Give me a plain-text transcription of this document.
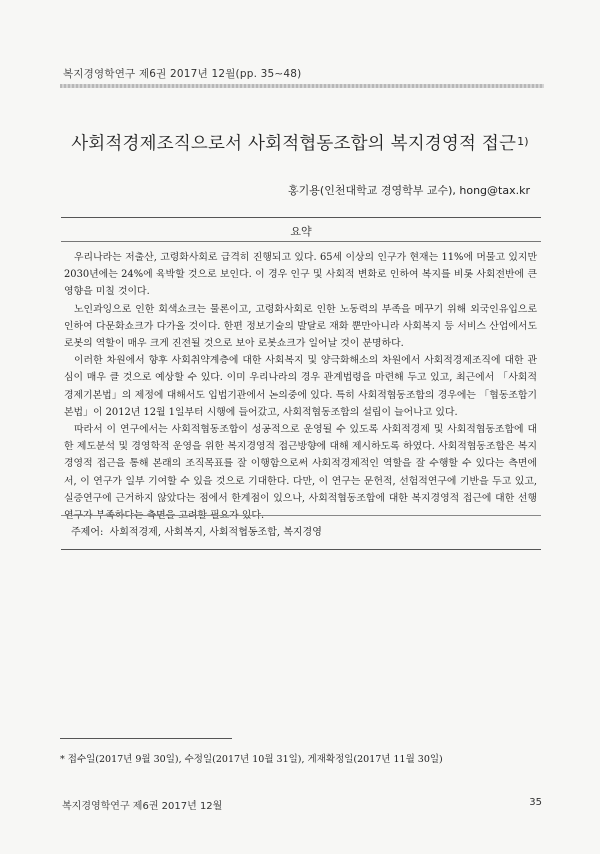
복지경영학연구 제6권 2017년 12월(pp. 35∼48)
사회적경제조직으로서 사회적협동조합의 복지경영적 접근$^{1)}$
홍기용(인천대학교 경영학부 교수), hong@tax.kr
요약

우리나라는 저출산, 고령화사회로 급격히 진행되고 있다. 65세 이상의 인구가 현재는 11%에 머물고 있지만 2030년에는 24%에 육박할 것으로 보인다. 이 경우 인구 및 사회적 변화로 인하여 복지를 비롯 사회전반에 큰 영향을 미칠 것이다.

노인과잉으로 인한 회색쇼크는 물론이고, 고령화사회로 인한 노동력의 부족을 메꾸기 위해 외국인유입으로 인하여 다문화쇼크가 다가올 것이다. 한편 정보기술의 발달로 재화 뿐만아니라 사회복지 등 서비스 산업에서도 로봇의 역할이 매우 크게 진전될 것으로 보아 로봇쇼크가 일어날 것이 분명하다.

이러한 차원에서 향후 사회취약계층에 대한 사회복지 및 양극화해소의 차원에서 사회적경제조직에 대한 관심이 매우 클 것으로 예상할 수 있다. 이미 우리나라의 경우 관계법령을 마련해 두고 있고, 최근에서 「사회적경제기본법」의 제정에 대해서도 입법기관에서 논의중에 있다. 특히 사회적협동조합의 경우에는 「협동조합기본법」이 2012년 12월 1일부터 시행에 들어갔고, 사회적협동조합의 설립이 늘어나고 있다.

따라서 이 연구에서는 사회적협동조합이 성공적으로 운영될 수 있도록 사회적경제 및 사회적협동조합에 대한 제도분석 및 경영학적 운영을 위한 복지경영적 접근방향에 대해 제시하도록 하였다. 사회적협동조합은 복지경영적 접근을 통해 본래의 조직목표를 잘 이행함으로써 사회적경제적인 역할을 잘 수행할 수 있다는 측면에서, 이 연구가 일부 기여할 수 있을 것으로 기대한다. 다만, 이 연구는 문헌적, 선험적연구에 기반을 두고 있고, 실증연구에 근거하지 않았다는 점에서 한계점이 있으나, 사회적협동조합에 대한 복지경영적 접근에 대한 선행

주제어: 사회적경제, 사회복지, 사회적협동조합, 복지경영
* 접수일(2017년 9월 30일), 수정일(2017년 10월 31일), 게재확정일(2017년 11월 30일)
복지경영학연구 제6권 2017년 12월	35
